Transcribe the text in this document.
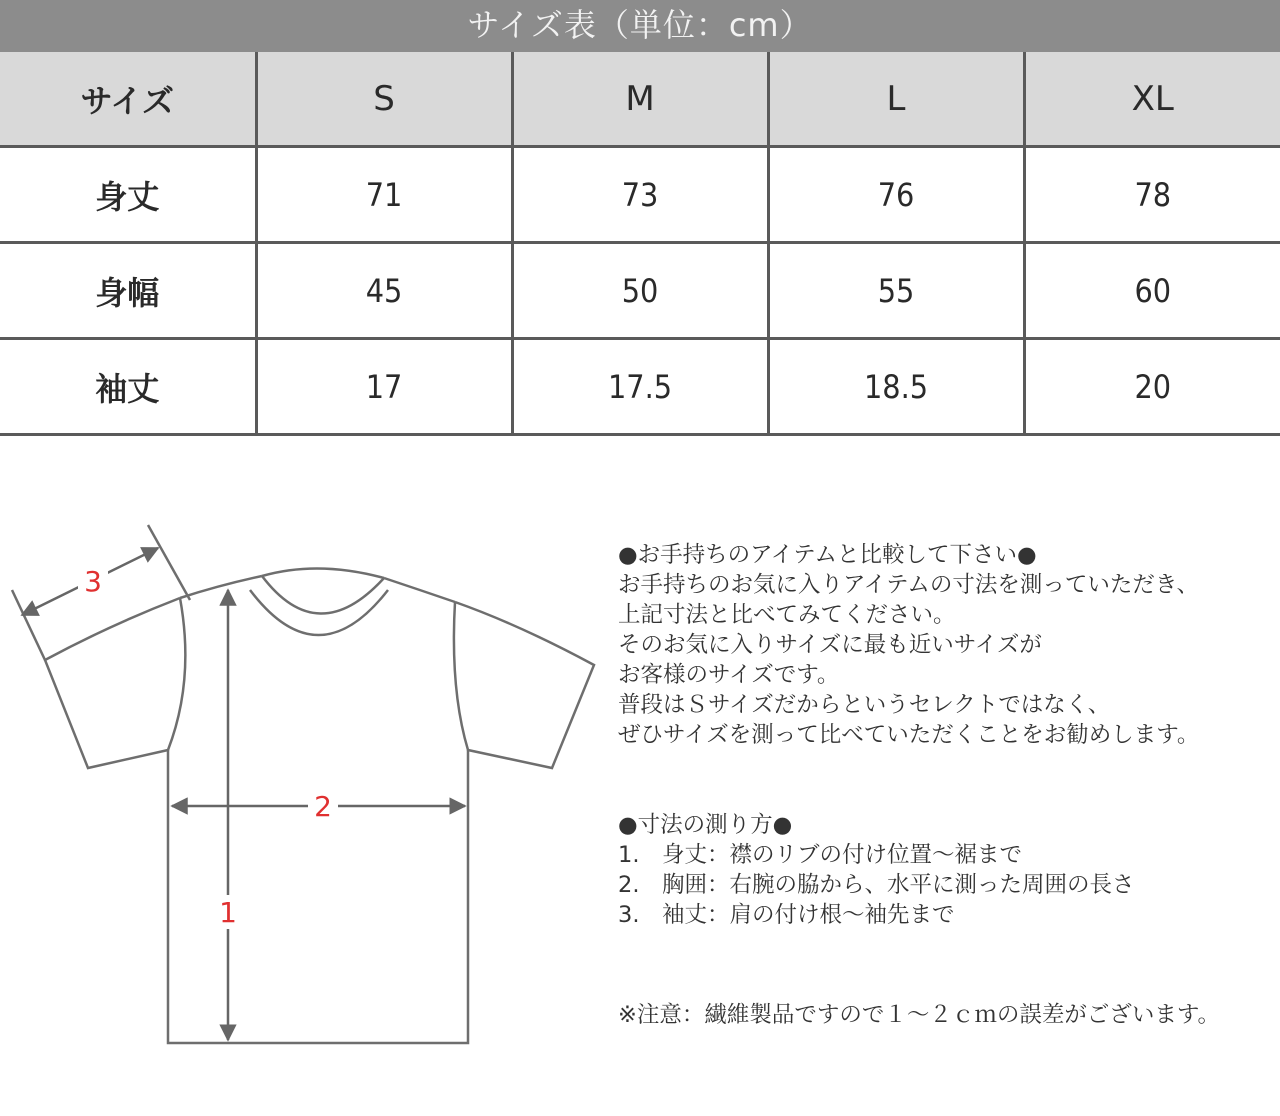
サイズ表（単位：cm）
サイズ	S	M	L	XL
身丈	71	73	76	78
身幅	45	50	55	60
袖丈	17	17.5	18.5	20
1
2
3

●お手持ちのアイテムと比較して下さい●

お手持ちのお気に入りアイテムの寸法を測っていただき、

上記寸法と比べてみてください。

そのお気に入りサイズに最も近いサイズが

お客様のサイズです。

普段はＳサイズだからというセレクトではなく、

ぜひサイズを測って比べていただくことをお勧めします。

●寸法の測り方●

1.　身丈：襟のリブの付け位置〜裾まで

2.　胸囲：右腕の脇から、水平に測った周囲の長さ

3.　袖丈：肩の付け根〜袖先まで

※注意：繊維製品ですので１〜２ｃｍの誤差がございます。
